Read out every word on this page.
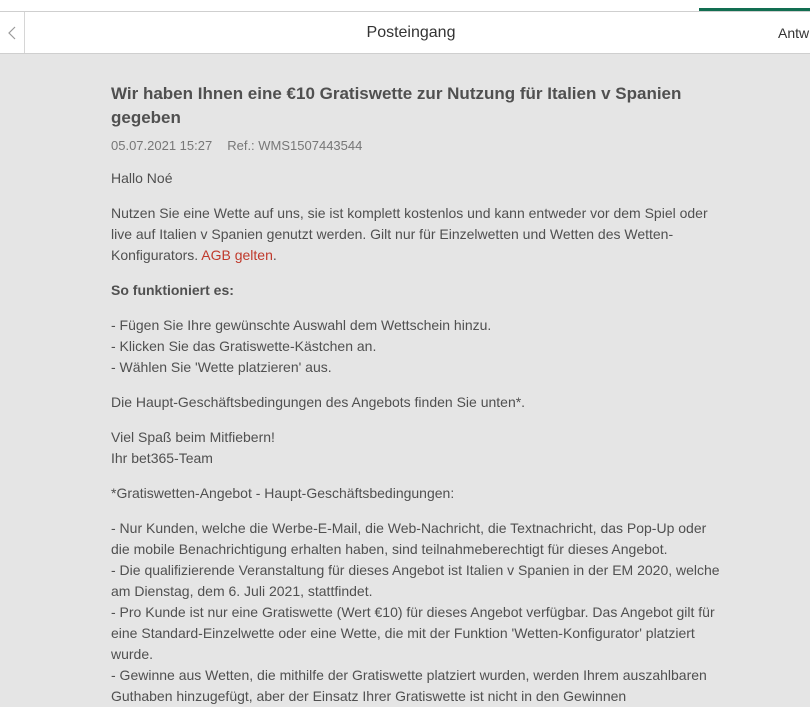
Posteingang	Antw
Wir haben Ihnen eine €10 Gratiswette zur Nutzung für Italien v Spanien gegeben
05.07.2021 15:27 Ref.: WMS1507443544

Hallo Noé

Nutzen Sie eine Wette auf uns, sie ist komplett kostenlos und kann entweder vor dem Spiel oder live auf Italien v Spanien genutzt werden. Gilt nur für Einzelwetten und Wetten des Wetten-Konfigurators. AGB gelten.

So funktioniert es:

- Fügen Sie Ihre gewünschte Auswahl dem Wettschein hinzu.
- Klicken Sie das Gratiswette-Kästchen an.
- Wählen Sie 'Wette platzieren' aus.

Die Haupt-Geschäftsbedingungen des Angebots finden Sie unten*.

Viel Spaß beim Mitfiebern!
Ihr bet365-Team

*Gratiswetten-Angebot - Haupt-Geschäftsbedingungen:

- Nur Kunden, welche die Werbe-E-Mail, die Web-Nachricht, die Textnachricht, das Pop-Up oder die mobile Benachrichtigung erhalten haben, sind teilnahmeberechtigt für dieses Angebot.
- Die qualifizierende Veranstaltung für dieses Angebot ist Italien v Spanien in der EM 2020, welche am Dienstag, dem 6. Juli 2021, stattfindet.
- Pro Kunde ist nur eine Gratiswette (Wert €10) für dieses Angebot verfügbar. Das Angebot gilt für eine Standard-Einzelwette oder eine Wette, die mit der Funktion 'Wetten-Konfigurator' platziert wurde.
- Gewinne aus Wetten, die mithilfe der Gratiswette platziert wurden, werden Ihrem auszahlbaren Guthaben hinzugefügt, aber der Einsatz Ihrer Gratiswette ist nicht in den Gewinnen
